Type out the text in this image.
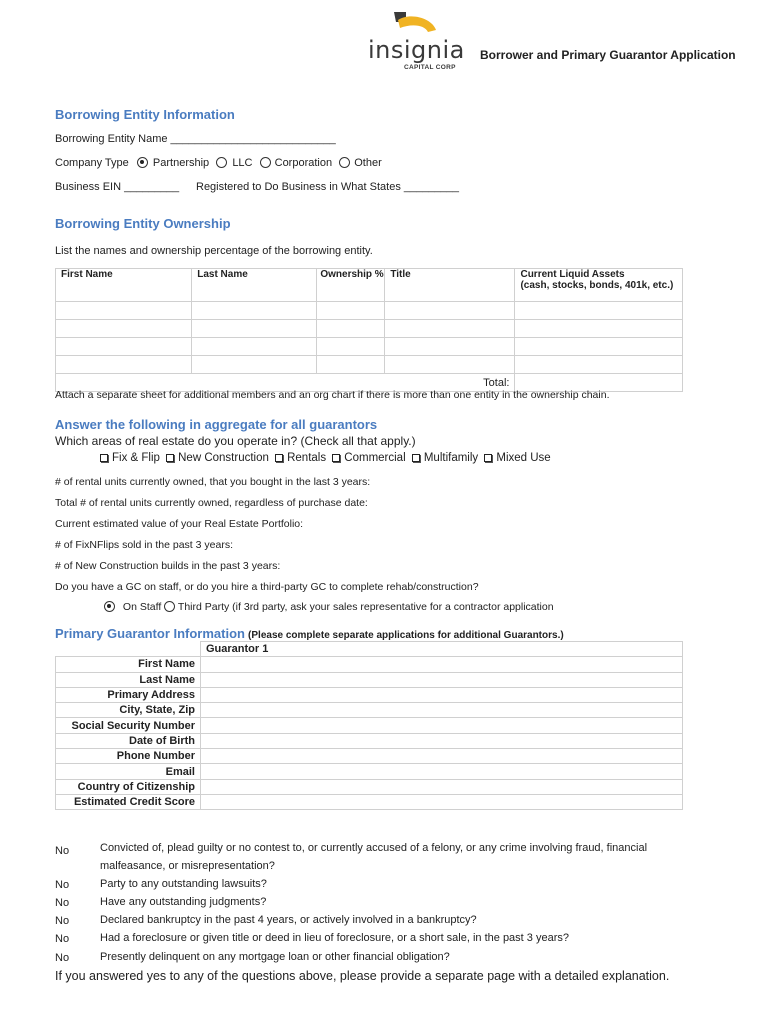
insignia
CAPITAL CORP
Borrower and Primary Guarantor Application
Borrowing Entity Information
Borrowing Entity Name ___________________________
Company Type Partnership LLC Corporation Other
Business EIN _________ Registered to Do Business in What States _________
Borrowing Entity Ownership
List the names and ownership percentage of the borrowing entity.
First Name	Last Name	Ownership %	Title	Current Liquid Assets
(cash, stocks, bonds, 401k, etc.)

Total:				
Attach a separate sheet for additional members and an org chart if there is more than one entity in the ownership chain.
Answer the following in aggregate for all guarantors
Which areas of real estate do you operate in? (Check all that apply.)
Fix & Flip New Construction Rentals Commercial Multifamily Mixed Use
# of rental units currently owned, that you bought in the last 3 years:
Total # of rental units currently owned, regardless of purchase date:
Current estimated value of your Real Estate Portfolio:
# of FixNFlips sold in the past 3 years:
# of New Construction builds in the past 3 years:
Do you have a GC on staff, or do you hire a third-party GC to complete rehab/construction?
On Staff Third Party (if 3rd party, ask your sales representative for a contractor application
Primary Guarantor Information (Please complete separate applications for additional Guarantors.)
	Guarantor 1
First Name	
Last Name	
Primary Address	
City, State, Zip	
Social Security Number	
Date of Birth	
Phone Number	
Email	
Country of Citizenship	
Estimated Credit Score	
No	Convicted of, plead guilty or no contest to, or currently accused of a felony, or any crime involving fraud, financial
malfeasance, or misrepresentation?
No	Party to any outstanding lawsuits?
No	Have any outstanding judgments?
No	Declared bankruptcy in the past 4 years, or actively involved in a bankruptcy?
No	Had a foreclosure or given title or deed in lieu of foreclosure, or a short sale, in the past 3 years?
No	Presently delinquent on any mortgage loan or other financial obligation?
If you answered yes to any of the questions above, please provide a separate page with a detailed explanation.
